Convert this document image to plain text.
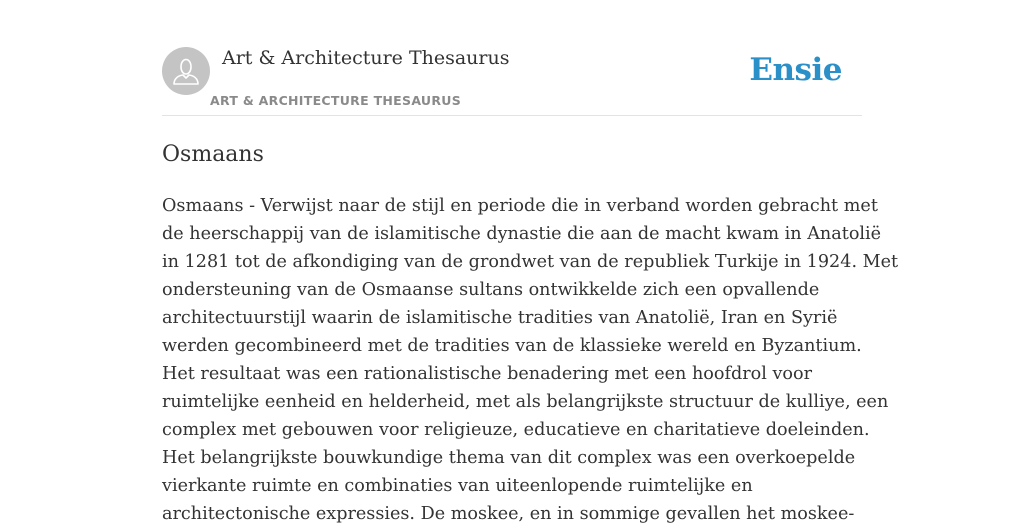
Art & Architecture Thesaurus
ART & ARCHITECTURE THESAURUS
Ensie
Osmaans
Osmaans - Verwijst naar de stijl en periode die in verband worden gebracht met
de heerschappij van de islamitische dynastie die aan de macht kwam in Anatolië
in 1281 tot de afkondiging van de grondwet van de republiek Turkije in 1924. Met
ondersteuning van de Osmaanse sultans ontwikkelde zich een opvallende
architectuurstijl waarin de islamitische tradities van Anatolië, Iran en Syrië
werden gecombineerd met de tradities van de klassieke wereld en Byzantium.
Het resultaat was een rationalistische benadering met een hoofdrol voor
ruimtelijke eenheid en helderheid, met als belangrijkste structuur de kulliye, een
complex met gebouwen voor religieuze, educatieve en charitatieve doeleinden.
Het belangrijkste bouwkundige thema van dit complex was een overkoepelde
vierkante ruimte en combinaties van uiteenlopende ruimtelijke en
architectonische expressies. De moskee, en in sommige gevallen het moskee-
